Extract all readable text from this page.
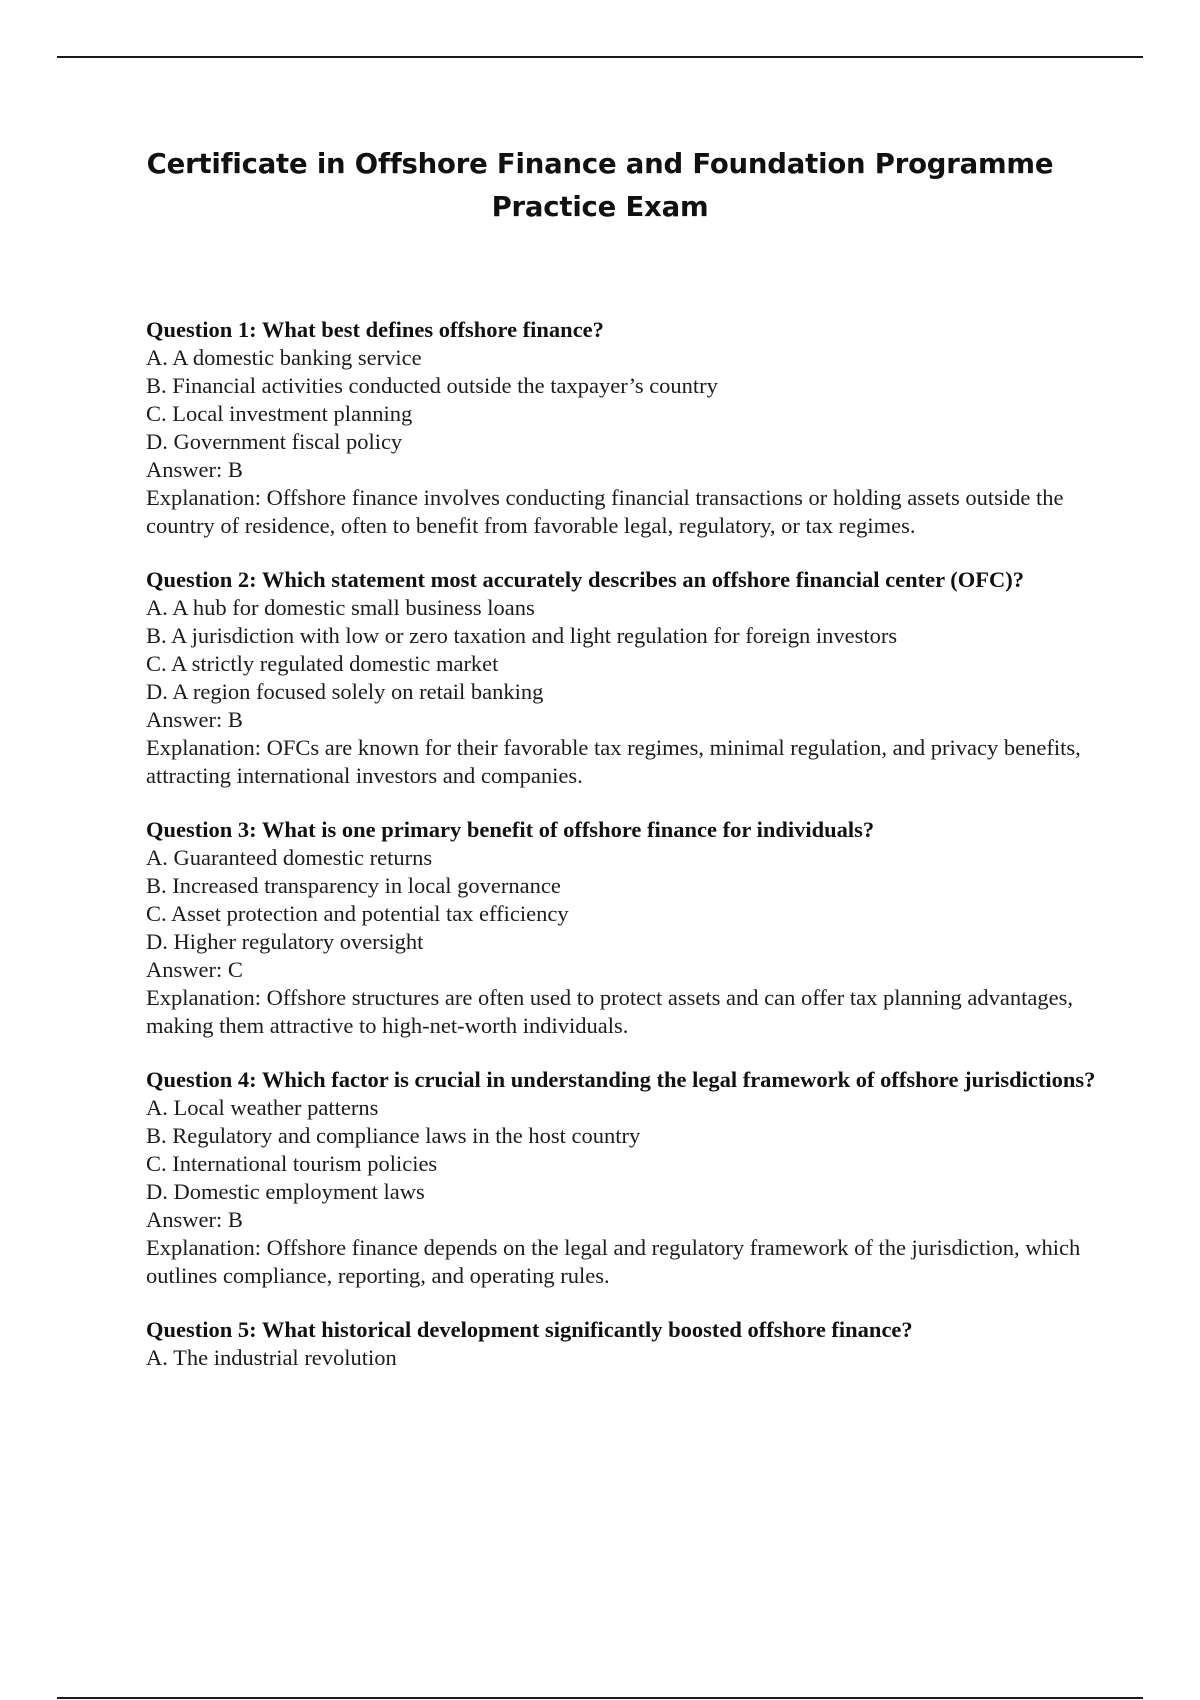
Certificate in Offshore Finance and Foundation Programme Practice Exam

Question 1: What best defines offshore finance?

A. A domestic banking service

B. Financial activities conducted outside the taxpayer’s country

C. Local investment planning

D. Government fiscal policy

Answer: B

Explanation: Offshore finance involves conducting financial transactions or holding assets outside the country of residence, often to benefit from favorable legal, regulatory, or tax regimes.

Question 2: Which statement most accurately describes an offshore financial center (OFC)?

A. A hub for domestic small business loans

B. A jurisdiction with low or zero taxation and light regulation for foreign investors

C. A strictly regulated domestic market

D. A region focused solely on retail banking

Answer: B

Explanation: OFCs are known for their favorable tax regimes, minimal regulation, and privacy benefits, attracting international investors and companies.

Question 3: What is one primary benefit of offshore finance for individuals?

A. Guaranteed domestic returns

B. Increased transparency in local governance

C. Asset protection and potential tax efficiency

D. Higher regulatory oversight

Answer: C

Explanation: Offshore structures are often used to protect assets and can offer tax planning advantages, making them attractive to high-net-worth individuals.

Question 4: Which factor is crucial in understanding the legal framework of offshore jurisdictions?

A. Local weather patterns

B. Regulatory and compliance laws in the host country

C. International tourism policies

D. Domestic employment laws

Answer: B

Explanation: Offshore finance depends on the legal and regulatory framework of the jurisdiction, which outlines compliance, reporting, and operating rules.

Question 5: What historical development significantly boosted offshore finance?

A. The industrial revolution
